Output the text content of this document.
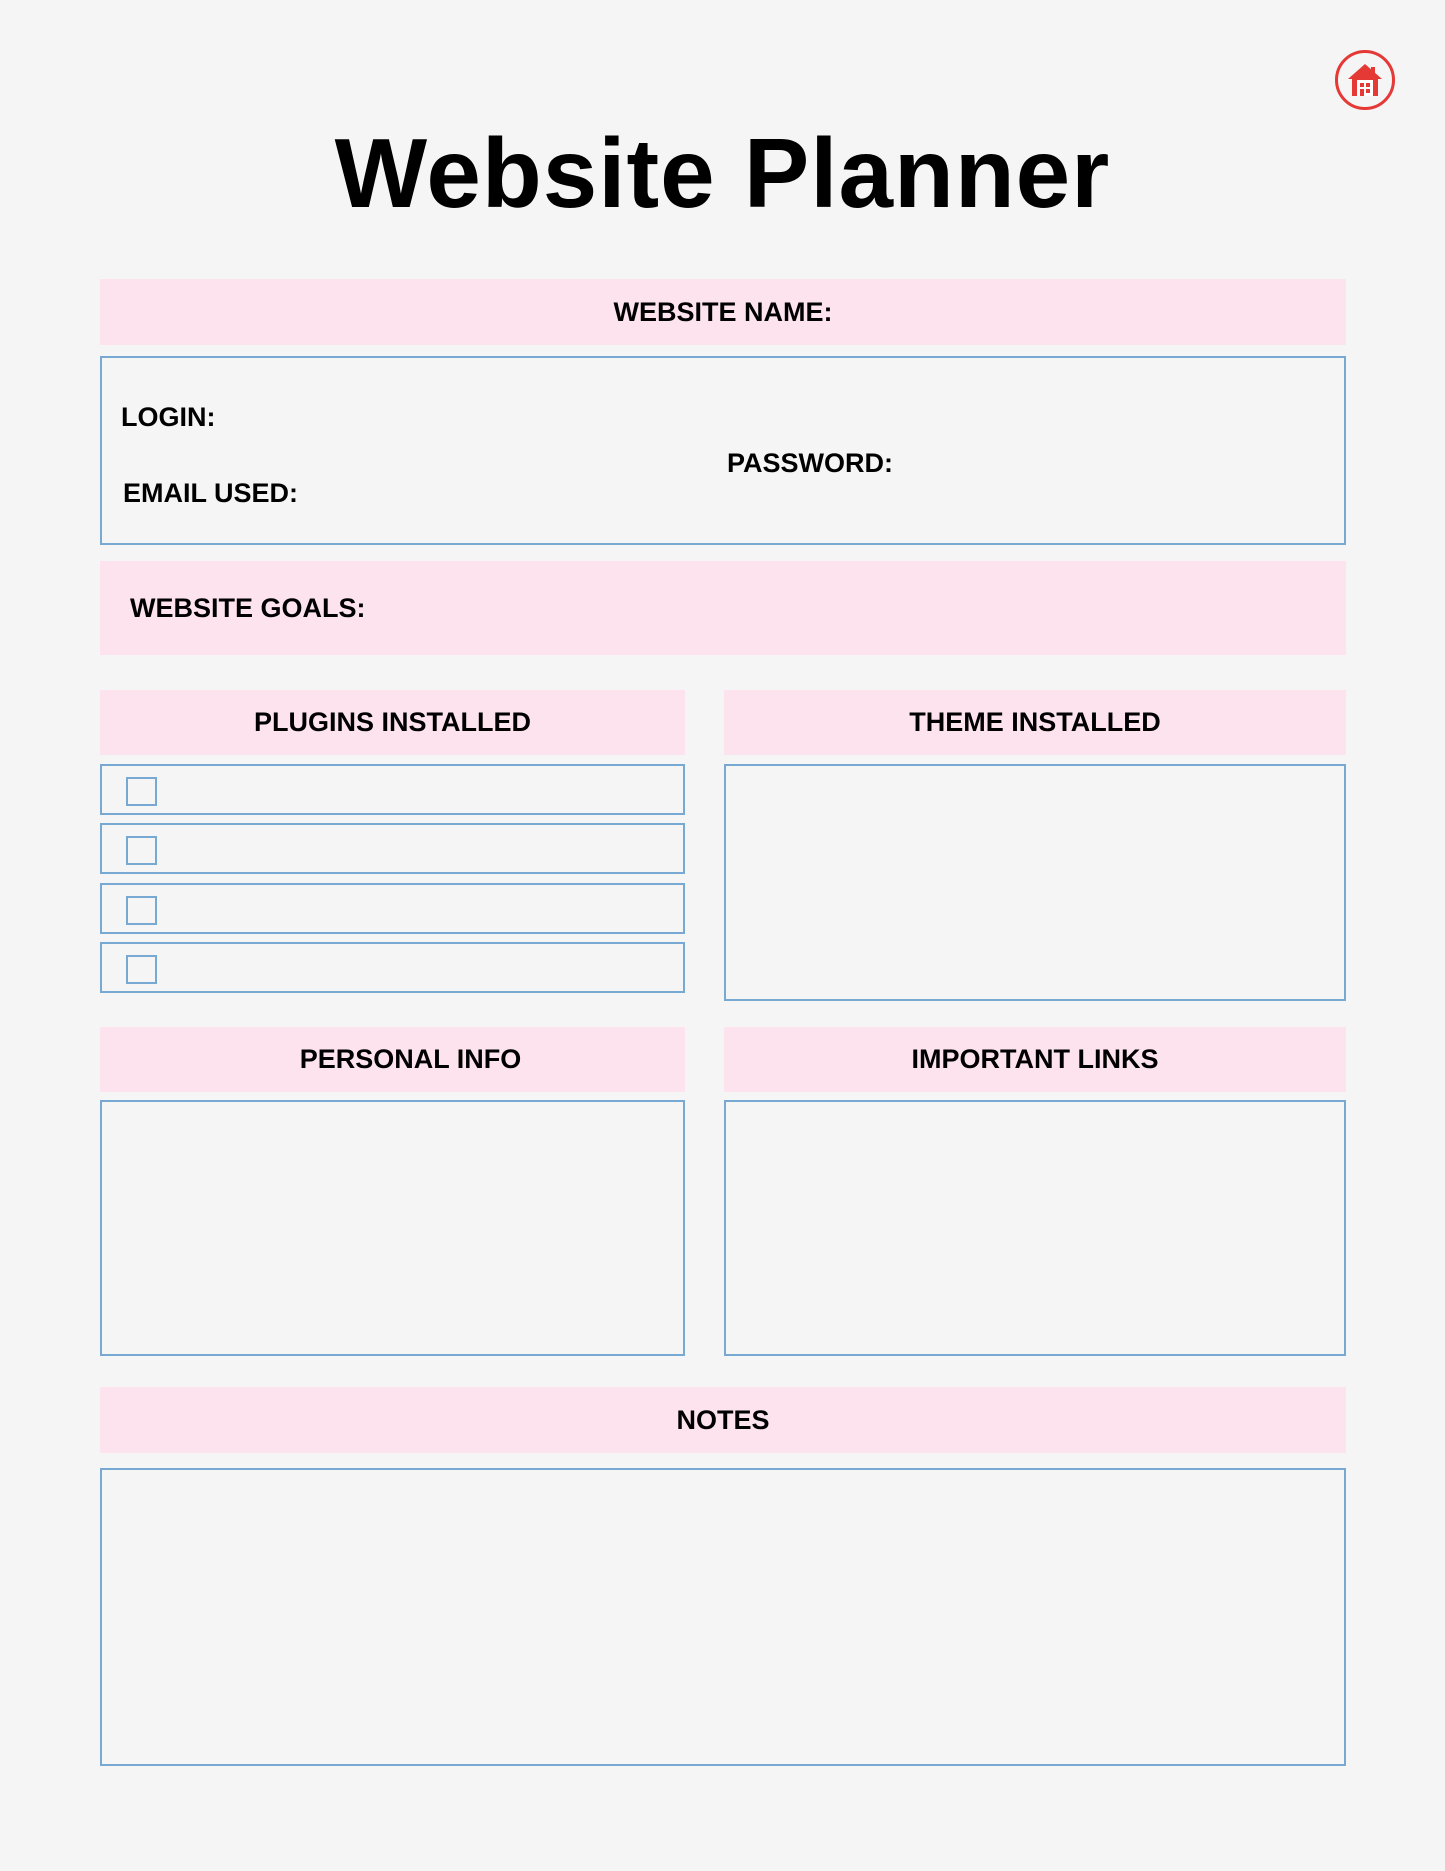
Website Planner
WEBSITE NAME:
LOGIN:
EMAIL USED:
PASSWORD:
WEBSITE GOALS:
PLUGINS INSTALLED	THEME INSTALLED
PERSONAL INFO	IMPORTANT LINKS
NOTES
